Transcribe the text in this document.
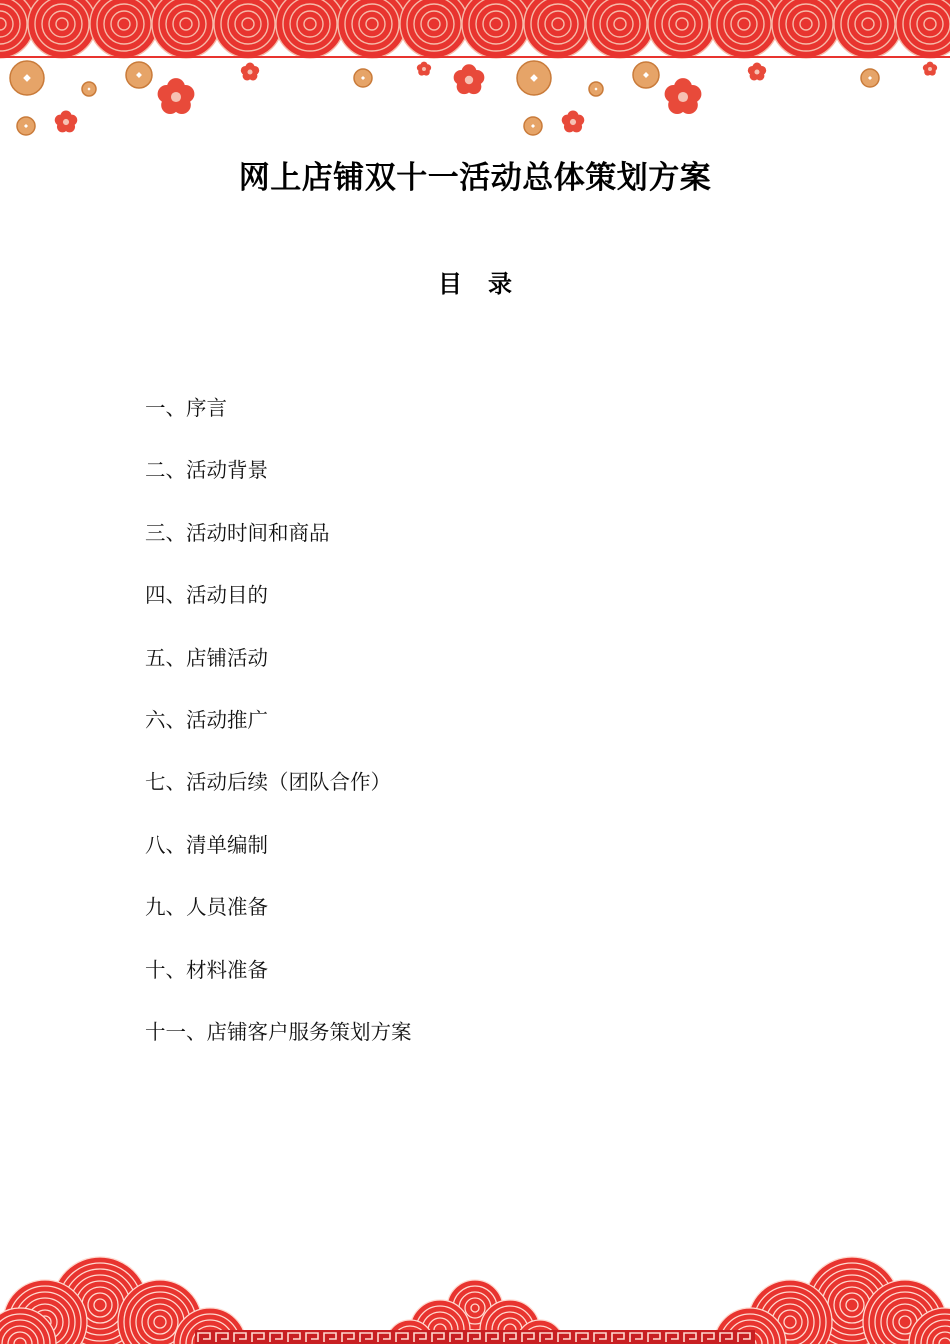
网上店铺双十一活动总体策划方案
目录
一、序言
二、活动背景
三、活动时间和商品
四、活动目的
五、店铺活动
六、活动推广
七、活动后续（团队合作）
八、清单编制
九、人员准备
十、材料准备
十一、店铺客户服务策划方案
